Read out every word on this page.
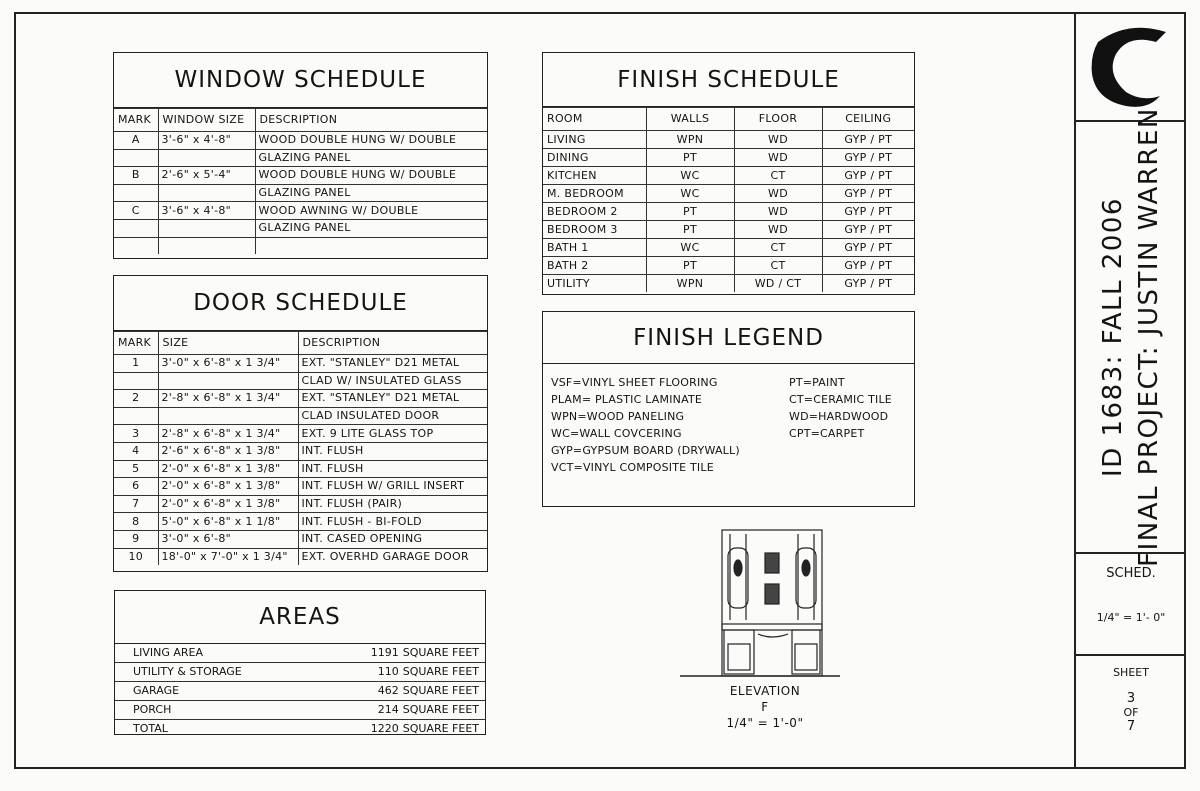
WINDOW SCHEDULE
MARK	WINDOW SIZE	DESCRIPTION
A	3'-6" x 4'-8"	WOOD DOUBLE HUNG W/ DOUBLE
		GLAZING PANEL
B	2'-6" x 5'-4"	WOOD DOUBLE HUNG W/ DOUBLE
		GLAZING PANEL
C	3'-6" x 4'-8"	WOOD AWNING W/ DOUBLE
		GLAZING PANEL

DOOR SCHEDULE
MARK	SIZE	DESCRIPTION
1	3'-0" x 6'-8" x 1 3/4"	EXT. "STANLEY" D21 METAL
		CLAD W/ INSULATED GLASS
2	2'-8" x 6'-8" x 1 3/4"	EXT. "STANLEY" D21 METAL
		CLAD INSULATED DOOR
3	2'-8" x 6'-8" x 1 3/4"	EXT. 9 LITE GLASS TOP
4	2'-6" x 6'-8" x 1 3/8"	INT. FLUSH
5	2'-0" x 6'-8" x 1 3/8"	INT. FLUSH
6	2'-0" x 6'-8" x 1 3/8"	INT. FLUSH W/ GRILL INSERT
7	2'-0" x 6'-8" x 1 3/8"	INT. FLUSH (PAIR)
8	5'-0" x 6'-8" x 1 1/8"	INT. FLUSH - BI-FOLD
9	3'-0" x 6'-8"	INT. CASED OPENING
10	18'-0" x 7'-0" x 1 3/4"	EXT. OVERHD GARAGE DOOR
AREAS
LIVING AREA	1191 SQUARE FEET
UTILITY & STORAGE	110 SQUARE FEET
GARAGE	462 SQUARE FEET
PORCH	214 SQUARE FEET
TOTAL	1220 SQUARE FEET
FINISH SCHEDULE
ROOM	WALLS	FLOOR	CEILING
LIVING	WPN	WD	GYP / PT
DINING	PT	WD	GYP / PT
KITCHEN	WC	CT	GYP / PT
M. BEDROOM	WC	WD	GYP / PT
BEDROOM 2	PT	WD	GYP / PT
BEDROOM 3	PT	WD	GYP / PT
BATH 1	WC	CT	GYP / PT
BATH 2	PT	CT	GYP / PT
UTILITY	WPN	WD / CT	GYP / PT
FINISH LEGEND
VSF=VINYL SHEET FLOORING
PLAM= PLASTIC LAMINATE
WPN=WOOD PANELING
WC=WALL COVCERING
GYP=GYPSUM BOARD (DRYWALL)
VCT=VINYL COMPOSITE TILE
PT=PAINT
CT=CERAMIC TILE
WD=HARDWOOD
CPT=CARPET
ELEVATION
F
1/4" = 1'-0"
ID 1683: FALL 2006 FINAL PROJECT: JUSTIN WARREN
SCHED.
1/4" = 1'- 0"
SHEET
3
OF
7
